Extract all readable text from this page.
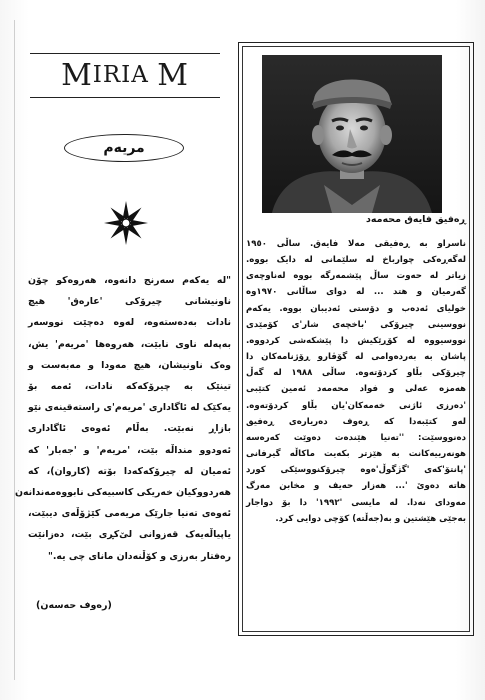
M IRIA M
مریەم
"لە یەکەم سەرنج دانەوە، هەروەکو چۆن
ناونیشانی چیرۆکی 'عارەق' هیچ
نادات بەدەستەوە، لەوە دەچێت نووسەر
بەپەلە ناوی نابێت، هەروەها 'مریەم' یش،
وەک ناونیشان، هیچ مەودا و مەبەست و
تینێک بە چیرۆکەکە نادات، ئەمە بۆ
یەکێک لە ئاگاداری 'مریەم'ی راستەقینەی نێو
بازاڕ نەبێت. بەڵام ئەوەی ئاگاداری
ئەودوو منداڵە بێت، 'مریەم' و 'جەبار' کە
ئەمیان لە چیرۆکەکەدا بۆتە (کاروان)، کە
هەردووکیان خەریکی کاسبیەکی نابووەمەندانەن
ئەوەی تەنیا جارێک مریەمی کێژۆڵەی دیبێت،
یاپیاڵەیەک قەزوانی لێ‌کڕی بێت، دەزانێت
رەفتار بەرزی و کۆڵنەدان مانای چی یە."
(رەوف حەسەن)
ڕەفیق فایەق محەمەد
ناسراو بە ڕەفیقی مەلا فایەق. ساڵی ١٩٥٠
لەگەڕەکی چوارباخ لە سلێمانی لە دایک بووە.
زیاتر لە حەوت ساڵ پێشمەرگە بووە لەناوچەی
گەرمیان و هتد ... لە دوای ساڵانی ١٩٧٠وە
خولیای ئەدەب و دۆستی ئەدیبان بووە. یەکەم
نووسینی چیرۆکی 'باخچەی شار'ی کۆمێدی
نووسیووە لە کۆڕێکیش دا پێشکەشی کردووە.
پاشان بە بەردەوامی لە گۆڤارو ڕۆژنامەکان دا
چیرۆکی بڵاو کردۆتەوە. ساڵی ١٩٨٨ لە گەڵ
هەمزە عەلی و فواد محەمەد ئەمین کتێبی
'دەرزی ئاژنی خەمەکان'یان بڵاو کردۆتەوە.
لەو کتێبەدا کە ڕەوف دەریارەی ڕەفیق
دەنووسێت: ''تەنیا هێندەت دەوێت کەرەسە
هونەرییەکانت بە هێزتر بکەیت ماکاڵە گیرفانی
'پانتۆ'کەی 'گژگوڵ'ەوە چیرۆکنووسێکی کورد
هاتە دەوێ '... هەزار حەیف و مخابن مەرگ
مەودای نەدا. لە مایسی '١٩٩٢' دا بۆ دواجار
بەجێی هێشتین و بە(جەڵتە) کۆچی دوایی کرد.
